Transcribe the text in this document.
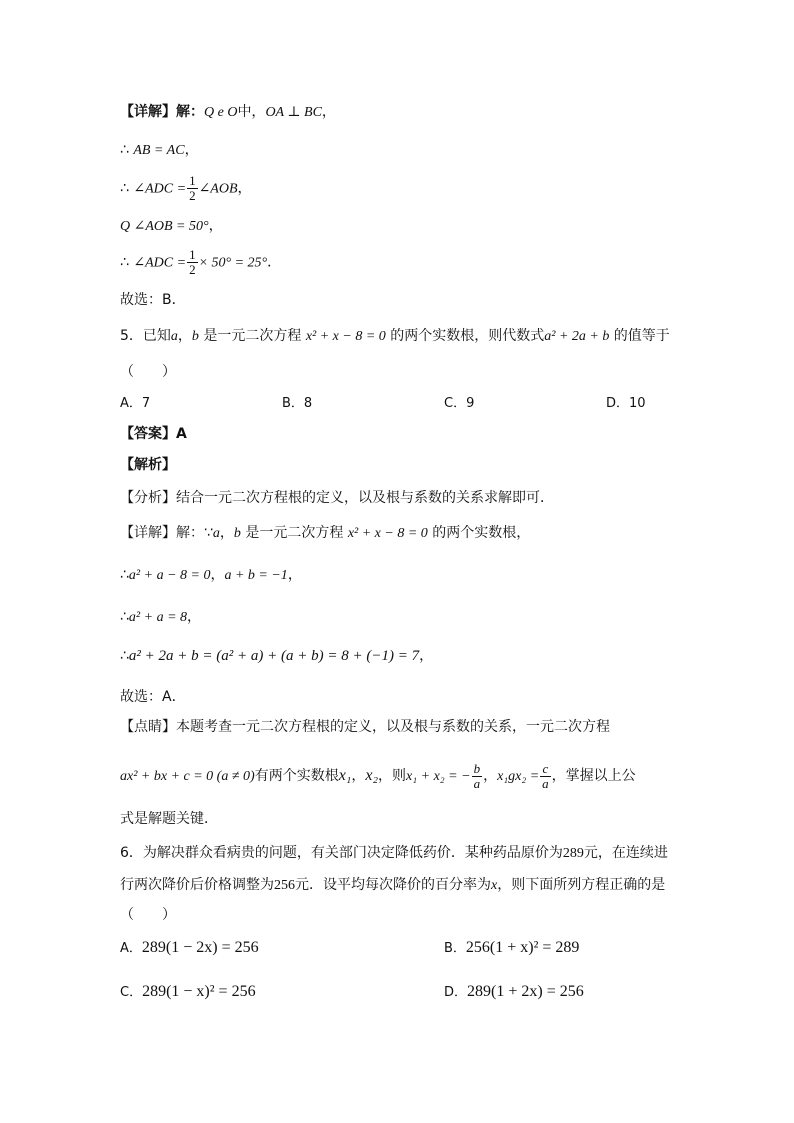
【详解】解：Q e O中，OA ⊥ BC，
∴ AB = AC，
∴ ∠ADC = $\frac{1}{2}$ ∠AOB，
Q ∠AOB = 50°，
∴ ∠ADC = $\frac{1}{2} \times 50^\circ = 25^\circ$．
故选：B．
5．已知a，b 是一元二次方程 x² + x − 8 = 0 的两个实数根，则代数式a² + 2a + b 的值等于
（　　）
A．7	B．8	C．9	D．10
【答案】A
【解析】
【分析】结合一元二次方程根的定义，以及根与系数的关系求解即可．
【详解】解：∵a，b 是一元二次方程 x² + x − 8 = 0 的两个实数根，
∴a² + a − 8 = 0，a + b = −1，
∴a² + a = 8，
∴a² + 2a + b = (a² + a) + (a + b) = 8 + (−1) = 7，
故选：A．
【点睛】本题考查一元二次方程根的定义，以及根与系数的关系，一元二次方程
ax² + bx + c = 0 (a ≠ 0)有两个实数根x₁，x₂，则x₁ + x₂ = − $\frac{b}{a}$ ，$x_1gx_2 = \frac{c}{a}$ ，掌握以上公
式是解题关键．
6．为解决群众看病贵的问题，有关部门决定降低药价．某种药品原价为289元，在连续进
行两次降价后价格调整为256元．设平均每次降价的百分率为x，则下面所列方程正确的是
（　　）
A．289(1 − 2x) = 256	B．256(1 + x)² = 289
C．289(1 − x)² = 256	D．289(1 + 2x) = 256
